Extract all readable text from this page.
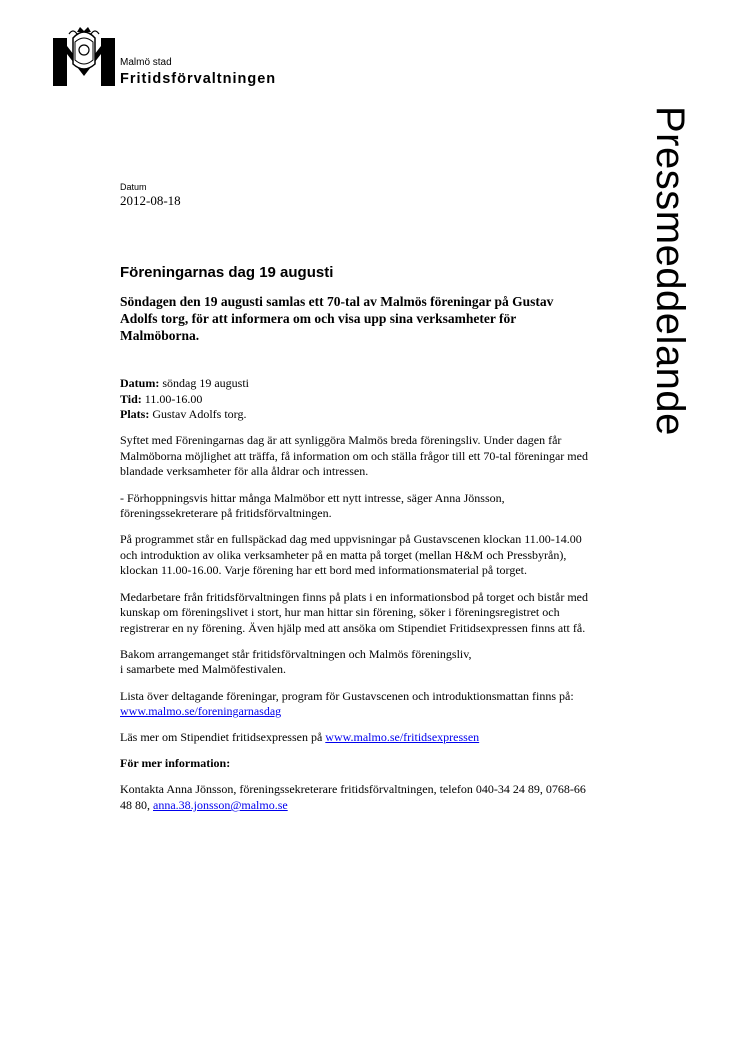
Malmö stad
Fritidsförvaltningen
Pressmeddelande
Datum
2012-08-18
Föreningarnas dag 19 augusti
Söndagen den 19 augusti samlas ett 70-tal av Malmös föreningar på Gustav Adolfs torg, för att informera om och visa upp sina verksamheter för Malmöborna.
Datum: söndag 19 augusti
Tid: 11.00-16.00
Plats: Gustav Adolfs torg.

Syftet med Föreningarnas dag är att synliggöra Malmös breda föreningsliv. Under dagen får Malmöborna möjlighet att träffa, få information om och ställa frågor till ett 70-tal föreningar med blandade verksamheter för alla åldrar och intressen.

- Förhoppningsvis hittar många Malmöbor ett nytt intresse, säger Anna Jönsson, föreningssekreterare på fritidsförvaltningen.

På programmet står en fullspäckad dag med uppvisningar på Gustavscenen klockan 11.00-14.00 och introduktion av olika verksamheter på en matta på torget (mellan H&M och Pressbyrån), klockan 11.00-16.00. Varje förening har ett bord med informationsmaterial på torget.

Medarbetare från fritidsförvaltningen finns på plats i en informationsbod på torget och bistår med kunskap om föreningslivet i stort, hur man hittar sin förening, söker i föreningsregistret och registrerar en ny förening. Även hjälp med att ansöka om Stipendiet Fritidsexpressen finns att få.

Bakom arrangemanget står fritidsförvaltningen och Malmös föreningsliv,
i samarbete med Malmöfestivalen.

Lista över deltagande föreningar, program för Gustavscenen och introduktionsmattan finns på: www.malmo.se/foreningarnasdag

Läs mer om Stipendiet fritidsexpressen på www.malmo.se/fritidsexpressen

För mer information:

Kontakta Anna Jönsson, föreningssekreterare fritidsförvaltningen, telefon 040-34 24 89, 0768-66 48 80, anna.38.jonsson@malmo.se
